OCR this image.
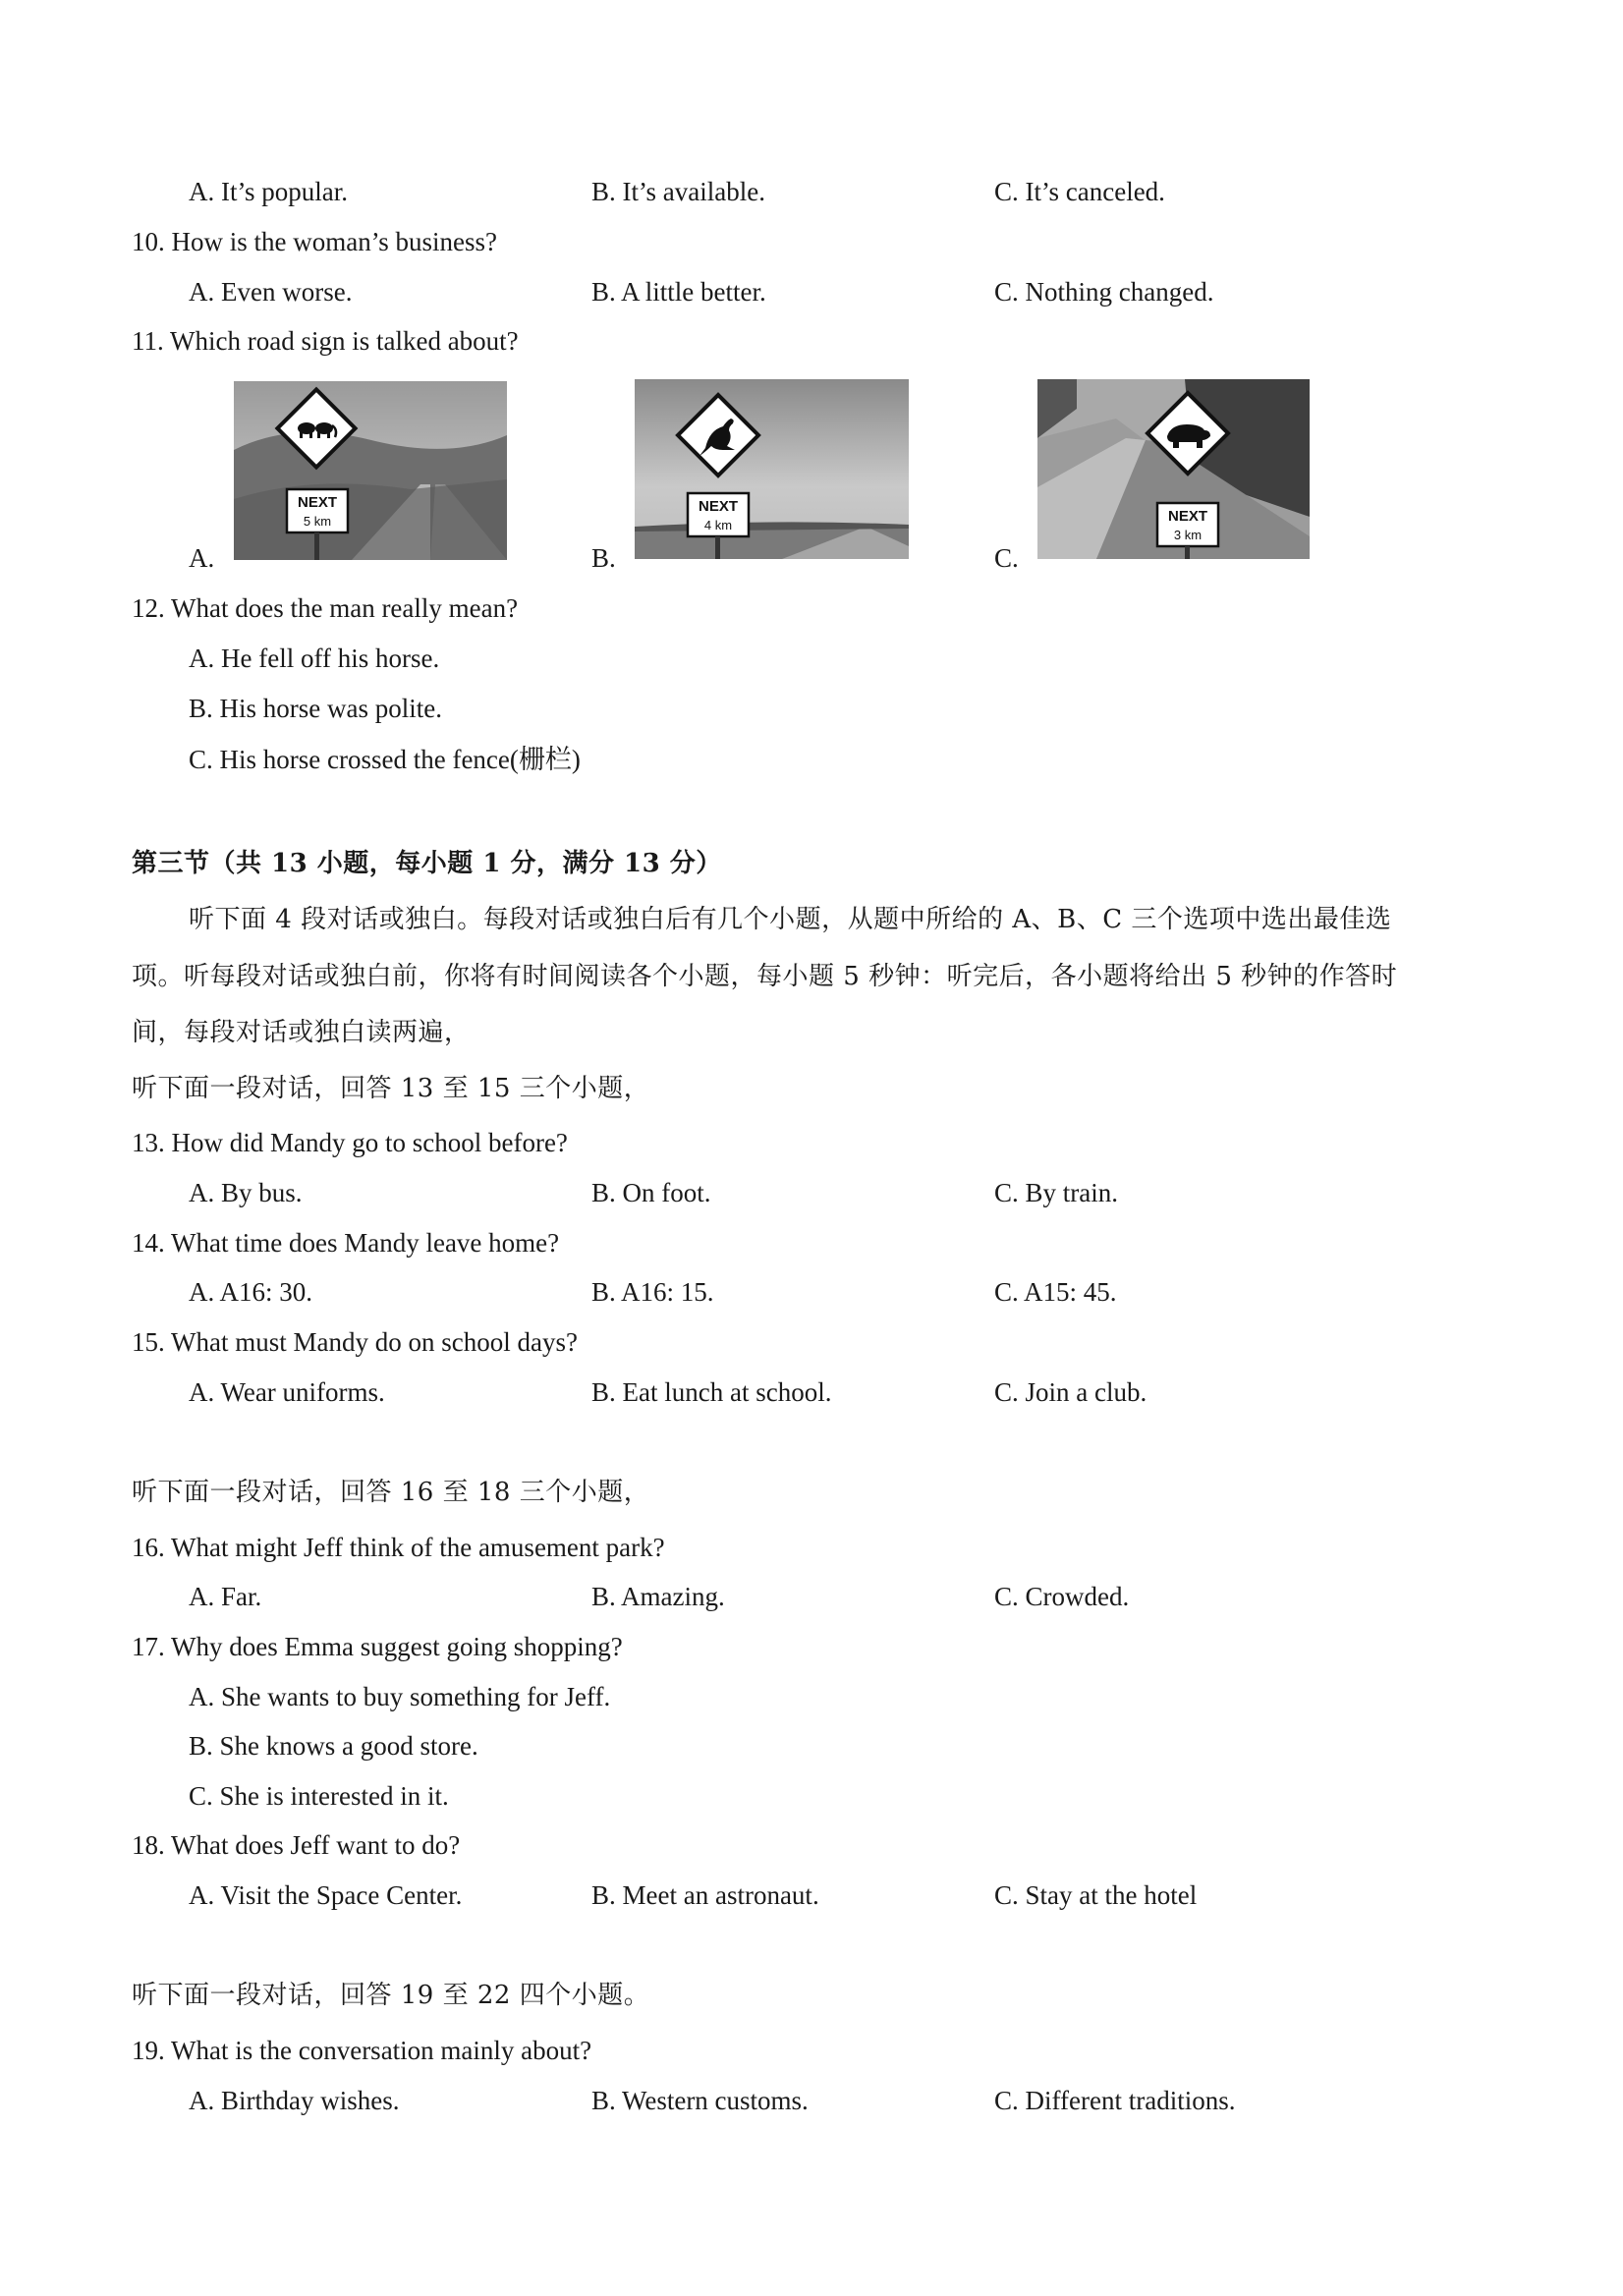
A. It’s popular.	B. It’s available.	C. It’s canceled.
10. How is the woman’s business?
A. Even worse.	B. A little better.	C. Nothing changed.
11. Which road sign is talked about?
A.	B.	C.
NEXT
5 km
NEXT
4 km
NEXT
3 km
12. What does the man really mean?
A. He fell off his horse.
B. His horse was polite.
C. His horse crossed the fence(栅栏)
第三节（共 13 小题，每小题 1 分，满分 13 分）
听下面 4 段对话或独白。每段对话或独白后有几个小题，从题中所给的 A、B、C 三个选项中选出最佳选
项。听每段对话或独白前，你将有时间阅读各个小题，每小题 5 秒钟：听完后，各小题将给出 5 秒钟的作答时
间，每段对话或独白读两遍，
听下面一段对话，回答 13 至 15 三个小题，
13. How did Mandy go to school before?
A. By bus.	B. On foot.	C. By train.
14. What time does Mandy leave home?
A. A16: 30.	B. A16: 15.	C. A15: 45.
15. What must Mandy do on school days?
A. Wear uniforms.	B. Eat lunch at school.	C. Join a club.
听下面一段对话，回答 16 至 18 三个小题，
16. What might Jeff think of the amusement park?
A. Far.	B. Amazing.	C. Crowded.
17. Why does Emma suggest going shopping?
A. She wants to buy something for Jeff.
B. She knows a good store.
C. She is interested in it.
18. What does Jeff want to do?
A. Visit the Space Center.	B. Meet an astronaut.	C. Stay at the hotel
听下面一段对话，回答 19 至 22 四个小题。
19. What is the conversation mainly about?
A. Birthday wishes.	B. Western customs.	C. Different traditions.
